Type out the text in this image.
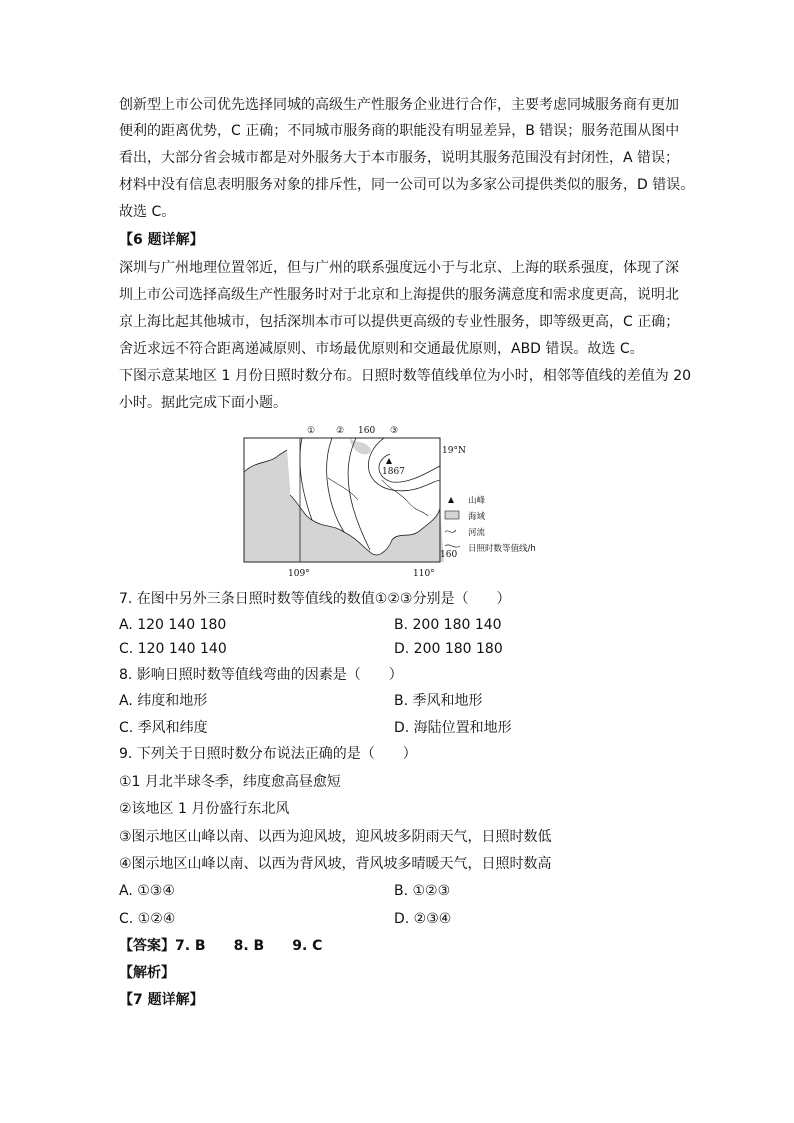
创新型上市公司优先选择同城的高级生产性服务企业进行合作，主要考虑同城服务商有更加
便利的距离优势，C 正确；不同城市服务商的职能没有明显差异，B 错误；服务范围从图中
看出，大部分省会城市都是对外服务大于本市服务，说明其服务范围没有封闭性，A 错误；
材料中没有信息表明服务对象的排斥性，同一公司可以为多家公司提供类似的服务，D 错误。
故选 C。
【6 题详解】
深圳与广州地理位置邻近，但与广州的联系强度远小于与北京、上海的联系强度，体现了深
圳上市公司选择高级生产性服务时对于北京和上海提供的服务满意度和需求度更高，说明北
京上海比起其他城市，包括深圳本市可以提供更高级的专业性服务，即等级更高，C 正确；
舍近求远不符合距离递减原则、市场最优原则和交通最优原则，ABD 错误。故选 C。
下图示意某地区 1 月份日照时数分布。日照时数等值线单位为小时，相邻等值线的差值为 20
小时。据此完成下面小题。
1867
① ② 160 ③
19°N
109°	110°
山峰
海域
河流
日照时数等值线/h
160
7. 在图中另外三条日照时数等值线的数值①②③分别是（　　）
A. 120 140 180	B. 200 180 140
C. 120 140 140	D. 200 180 180
8. 影响日照时数等值线弯曲的因素是（　　）
A. 纬度和地形	B. 季风和地形
C. 季风和纬度	D. 海陆位置和地形
9. 下列关于日照时数分布说法正确的是（　　）
①1 月北半球冬季，纬度愈高昼愈短
②该地区 1 月份盛行东北风
③图示地区山峰以南、以西为迎风坡，迎风坡多阴雨天气，日照时数低
④图示地区山峰以南、以西为背风坡，背风坡多晴暖天气，日照时数高
A. ①③④	B. ①②③
C. ①②④	D. ②③④
【答案】7. B　　8. B　　9. C
【解析】
【7 题详解】
